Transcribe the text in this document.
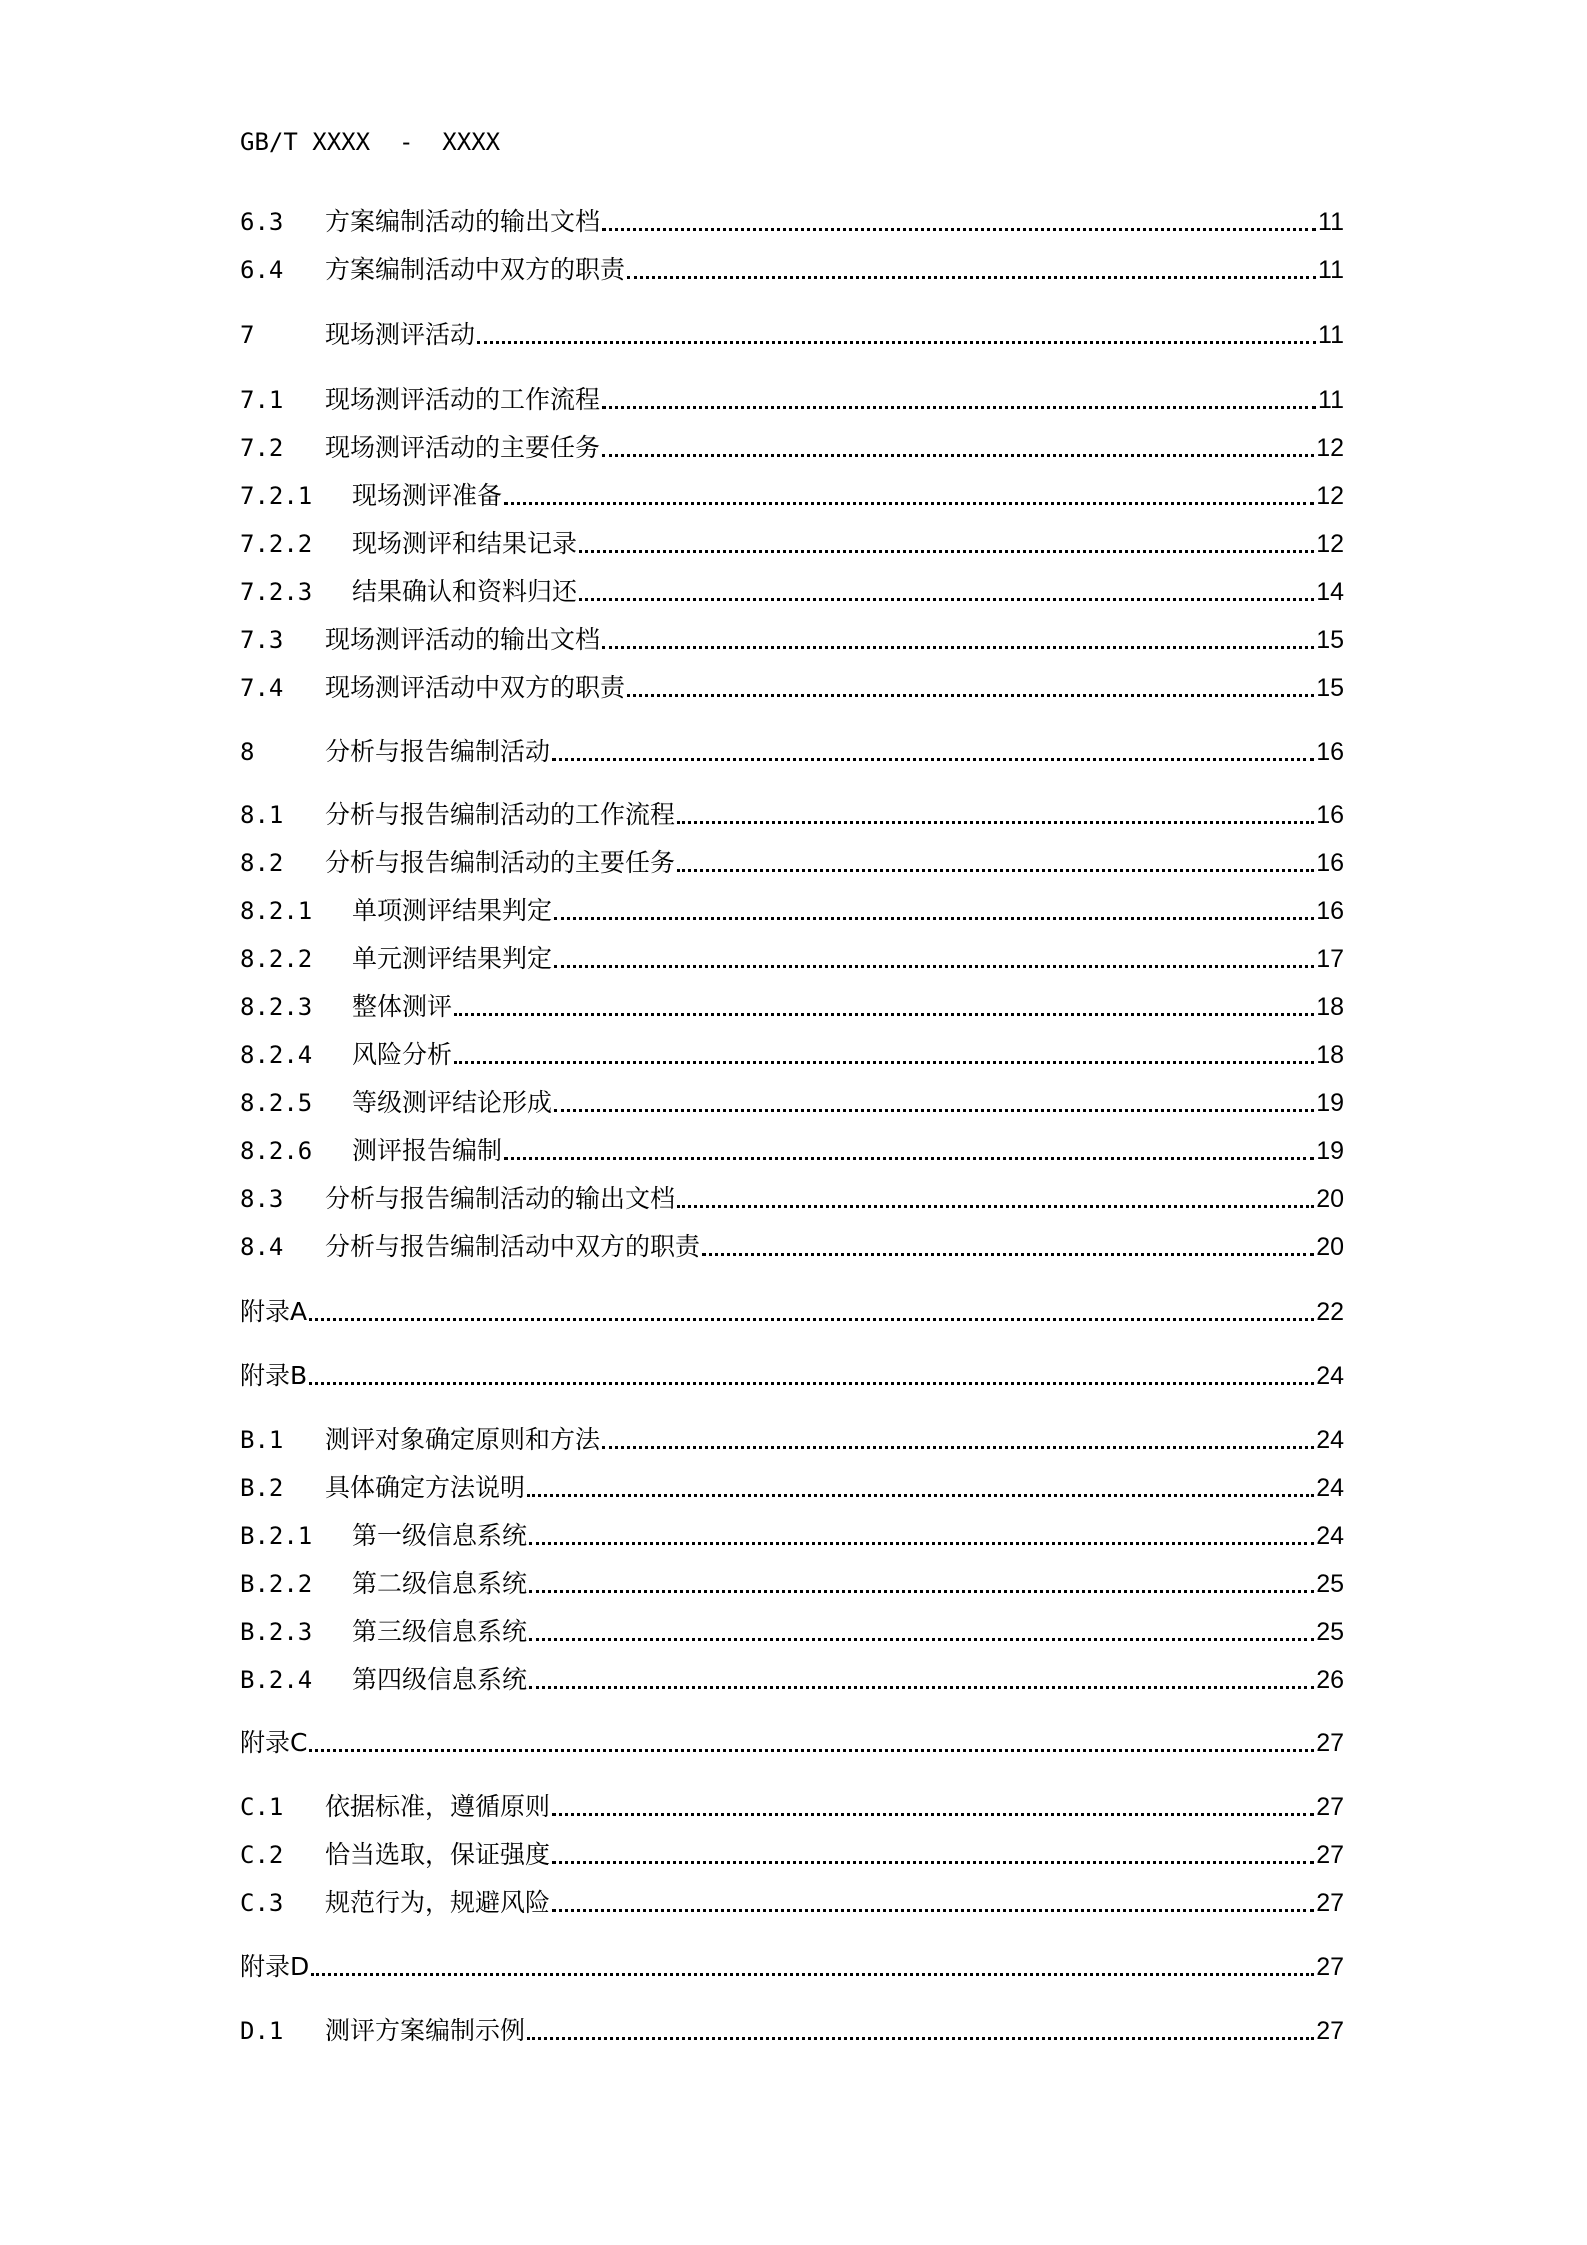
GB/T XXXX  -  XXXX
6.3	方案编制活动的输出文档	11
6.4	方案编制活动中双方的职责	11
7	现场测评活动	11
7.1	现场测评活动的工作流程	11
7.2	现场测评活动的主要任务	12
7.2.1	现场测评准备	12
7.2.2	现场测评和结果记录	12
7.2.3	结果确认和资料归还	14
7.3	现场测评活动的输出文档	15
7.4	现场测评活动中双方的职责	15
8	分析与报告编制活动	16
8.1	分析与报告编制活动的工作流程	16
8.2	分析与报告编制活动的主要任务	16
8.2.1	单项测评结果判定	16
8.2.2	单元测评结果判定	17
8.2.3	整体测评	18
8.2.4	风险分析	18
8.2.5	等级测评结论形成	19
8.2.6	测评报告编制	19
8.3	分析与报告编制活动的输出文档	20
8.4	分析与报告编制活动中双方的职责	20
附录A	22
附录B	24
B.1	测评对象确定原则和方法	24
B.2	具体确定方法说明	24
B.2.1	第一级信息系统	24
B.2.2	第二级信息系统	25
B.2.3	第三级信息系统	25
B.2.4	第四级信息系统	26
附录C	27
C.1	依据标准，遵循原则	27
C.2	恰当选取，保证强度	27
C.3	规范行为，规避风险	27
附录D	27
D.1	测评方案编制示例	27
